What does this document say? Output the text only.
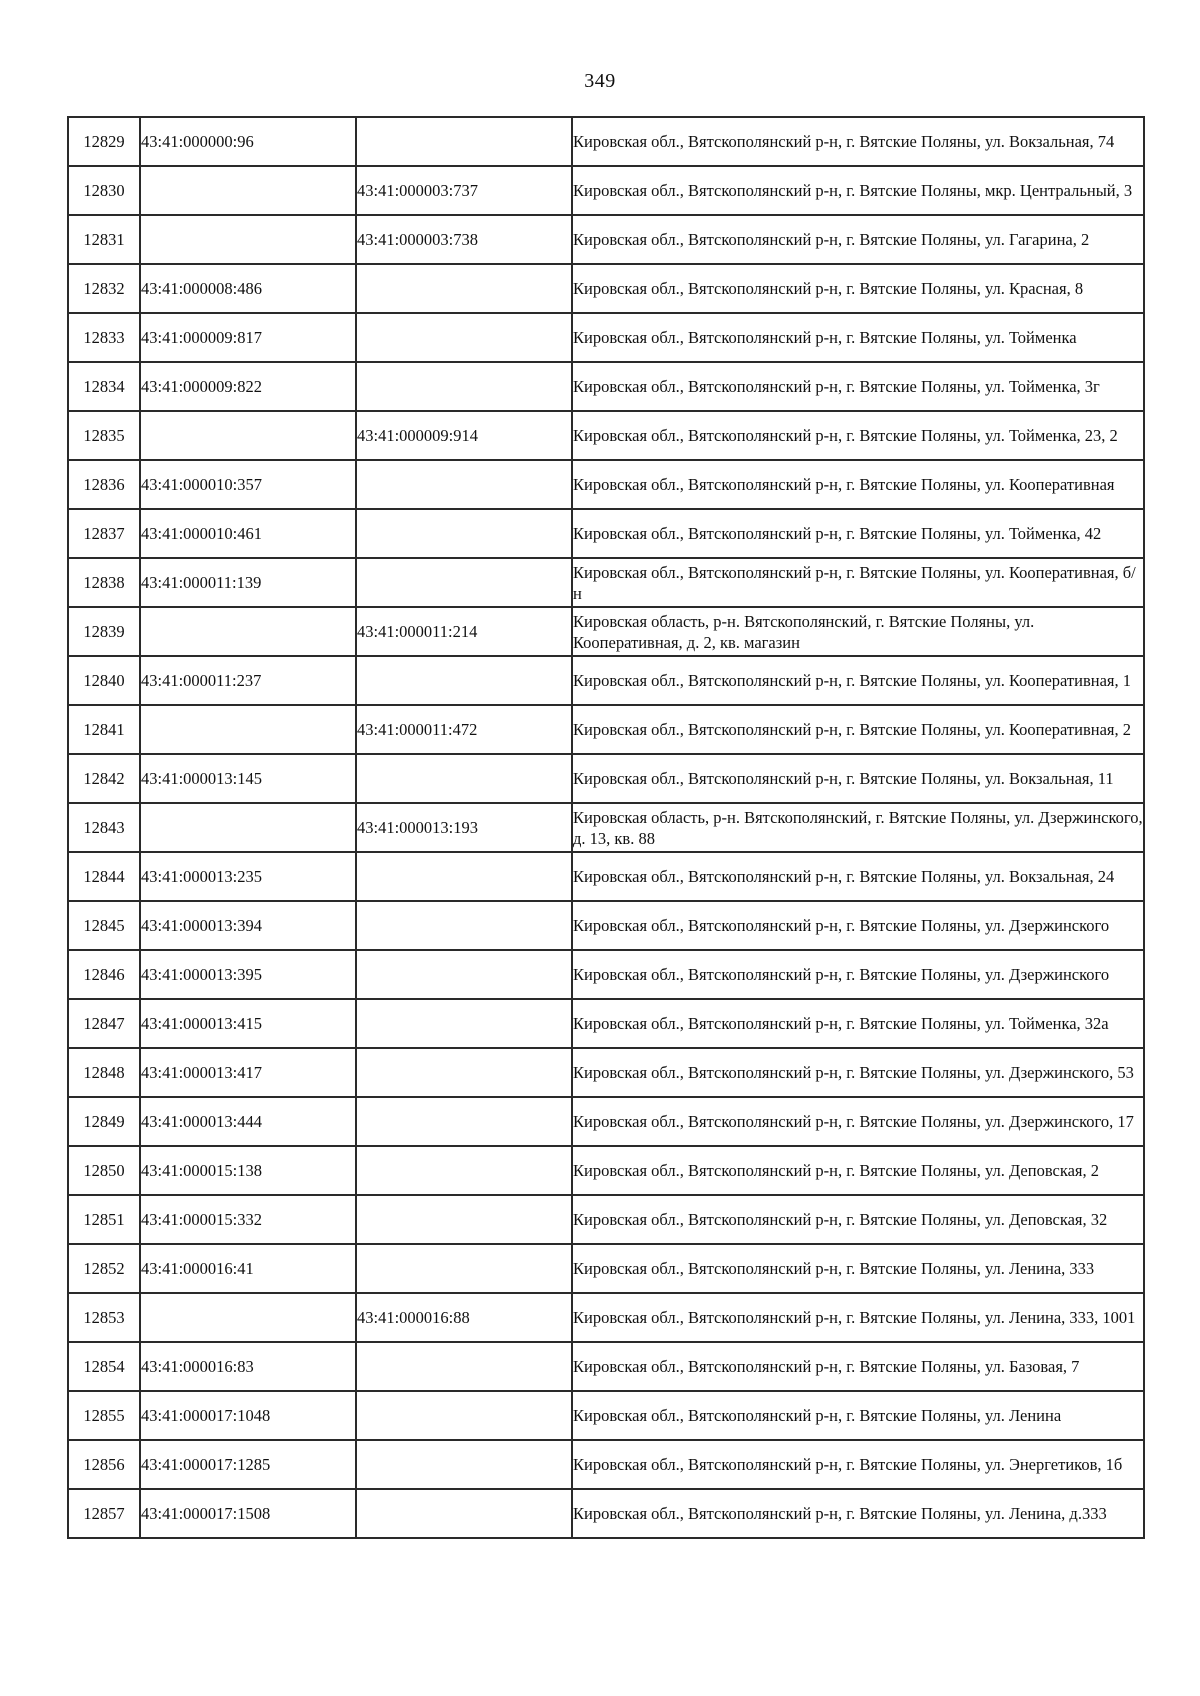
349
12829	43:41:000000:96		Кировская обл., Вятскополянский р-н, г. Вятские Поляны, ул. Вокзальная, 74
12830		43:41:000003:737	Кировская обл., Вятскополянский р-н, г. Вятские Поляны, мкр. Центральный, 3
12831		43:41:000003:738	Кировская обл., Вятскополянский р-н, г. Вятские Поляны, ул. Гагарина, 2
12832	43:41:000008:486		Кировская обл., Вятскополянский р-н, г. Вятские Поляны, ул. Красная, 8
12833	43:41:000009:817		Кировская обл., Вятскополянский р-н, г. Вятские Поляны, ул. Тойменка
12834	43:41:000009:822		Кировская обл., Вятскополянский р-н, г. Вятские Поляны, ул. Тойменка, 3г
12835		43:41:000009:914	Кировская обл., Вятскополянский р-н, г. Вятские Поляны, ул. Тойменка, 23, 2
12836	43:41:000010:357		Кировская обл., Вятскополянский р-н, г. Вятские Поляны, ул. Кооперативная
12837	43:41:000010:461		Кировская обл., Вятскополянский р-н, г. Вятские Поляны, ул. Тойменка, 42
12838	43:41:000011:139		Кировская обл., Вятскополянский р-н, г. Вятские Поляны, ул. Кооперативная, б/н
12839		43:41:000011:214	Кировская область, р-н. Вятскополянский, г. Вятские Поляны, ул. Кооперативная, д. 2, кв. магазин
12840	43:41:000011:237		Кировская обл., Вятскополянский р-н, г. Вятские Поляны, ул. Кооперативная, 1
12841		43:41:000011:472	Кировская обл., Вятскополянский р-н, г. Вятские Поляны, ул. Кооперативная, 2
12842	43:41:000013:145		Кировская обл., Вятскополянский р-н, г. Вятские Поляны, ул. Вокзальная, 11
12843		43:41:000013:193	Кировская область, р-н. Вятскополянский, г. Вятские Поляны, ул. Дзержинского, д. 13, кв. 88
12844	43:41:000013:235		Кировская обл., Вятскополянский р-н, г. Вятские Поляны, ул. Вокзальная, 24
12845	43:41:000013:394		Кировская обл., Вятскополянский р-н, г. Вятские Поляны, ул. Дзержинского
12846	43:41:000013:395		Кировская обл., Вятскополянский р-н, г. Вятские Поляны, ул. Дзержинского
12847	43:41:000013:415		Кировская обл., Вятскополянский р-н, г. Вятские Поляны, ул. Тойменка, 32а
12848	43:41:000013:417		Кировская обл., Вятскополянский р-н, г. Вятские Поляны, ул. Дзержинского, 53
12849	43:41:000013:444		Кировская обл., Вятскополянский р-н, г. Вятские Поляны, ул. Дзержинского, 17
12850	43:41:000015:138		Кировская обл., Вятскополянский р-н, г. Вятские Поляны, ул. Деповская, 2
12851	43:41:000015:332		Кировская обл., Вятскополянский р-н, г. Вятские Поляны, ул. Деповская, 32
12852	43:41:000016:41		Кировская обл., Вятскополянский р-н, г. Вятские Поляны, ул. Ленина, 333
12853		43:41:000016:88	Кировская обл., Вятскополянский р-н, г. Вятские Поляны, ул. Ленина, 333, 1001
12854	43:41:000016:83		Кировская обл., Вятскополянский р-н, г. Вятские Поляны, ул. Базовая, 7
12855	43:41:000017:1048		Кировская обл., Вятскополянский р-н, г. Вятские Поляны, ул. Ленина
12856	43:41:000017:1285		Кировская обл., Вятскополянский р-н, г. Вятские Поляны, ул. Энергетиков, 1б
12857	43:41:000017:1508		Кировская обл., Вятскополянский р-н, г. Вятские Поляны, ул. Ленина, д.333
